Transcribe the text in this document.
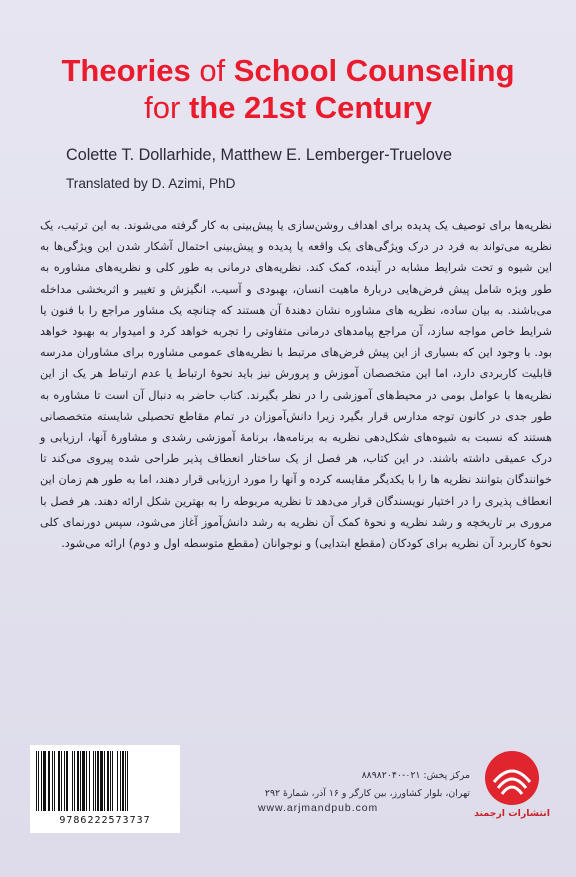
Theories of School Counseling
for the 21st Century
Colette T. Dollarhide, Matthew E. Lemberger-Truelove
Translated by D. Azimi, PhD
نظریه‌ها برای توصیف یک پدیده برای اهداف روشن‌سازی یا پیش‌بینی به کار گرفته می‌شوند. به این ترتیب، یک نظریه می‌تواند به فرد در درک ویژگی‌های یک واقعه یا پدیده و پیش‌بینی احتمال آشکار شدن این ویژگی‌ها به این شیوه و تحت شرایط مشابه در آینده، کمک کند. نظریه‌های درمانی به طور کلی و نظریه‌های مشاوره به طور ویژه شامل پیش فرض‌هایی دربارهٔ ماهیت انسان، بهبودی و آسیب، انگیزش و تغییر و اثربخشی مداخله می‌باشند. به بیان ساده، نظریه های مشاوره نشان دهندهٔ آن هستند که چنانچه یک مشاور مراجع را با فنون یا شرایط خاص مواجه سازد، آن مراجع پیامدهای درمانی متفاوتی را تجربه خواهد کرد و امیدوار به بهبود خواهد بود. با وجود این که بسیاری از این پیش فرض‌های مرتبط با نظریه‌های عمومی مشاوره برای مشاوران مدرسه قابلیت کاربردی دارد، اما این متخصصان آموزش و پرورش نیز باید نحوهٔ ارتباط یا عدم ارتباط هر یک از این نظریه‌ها با عوامل بومی در محیط‌های آموزشی را در نظر بگیرند. کتاب حاضر به دنبال آن است تا مشاوره به طور جدی در کانون توجه مدارس قرار بگیرد زیرا دانش‌آموزان در تمام مقاطع تحصیلی شایسته متخصصانی هستند که نسبت به شیوه‌های شکل‌دهی نظریه به برنامه‌ها، برنامهٔ آموزشی رشدی و مشاورهٔ آنها، ارزیابی و درک عمیقی داشته باشند. در این کتاب، هر فصل از یک ساختار انعطاف پذیر طراحی شده پیروی می‌کند تا خوانندگان بتوانند نظریه ها را با یکدیگر مقایسه کرده و آنها را مورد ارزیابی قرار دهند، اما به طور هم زمان این انعطاف پذیری را در اختیار نویسندگان قرار می‌دهد تا نظریه مربوطه را به بهترین شکل ارائه دهند. هر فصل با مروری بر تاریخچه و رشد نظریه و نحوهٔ کمک آن نظریه به رشد دانش‌آموز آغاز می‌شود، سپس دورنمای کلی نحوهٔ کاربرد آن نظریه برای کودکان (مقطع ابتدایی) و نوجوانان (مقطع متوسطه اول و دوم) ارائه می‌شود.
9786222573737
مرکز پخش: ۰۲۱-۸۸۹۸۲۰۴۰
تهران، بلوار کشاورز، بین کارگر و ۱۶ آذر، شمارهٔ ۲۹۲
www.arjmandpub.com	انتشارات ارجمند
